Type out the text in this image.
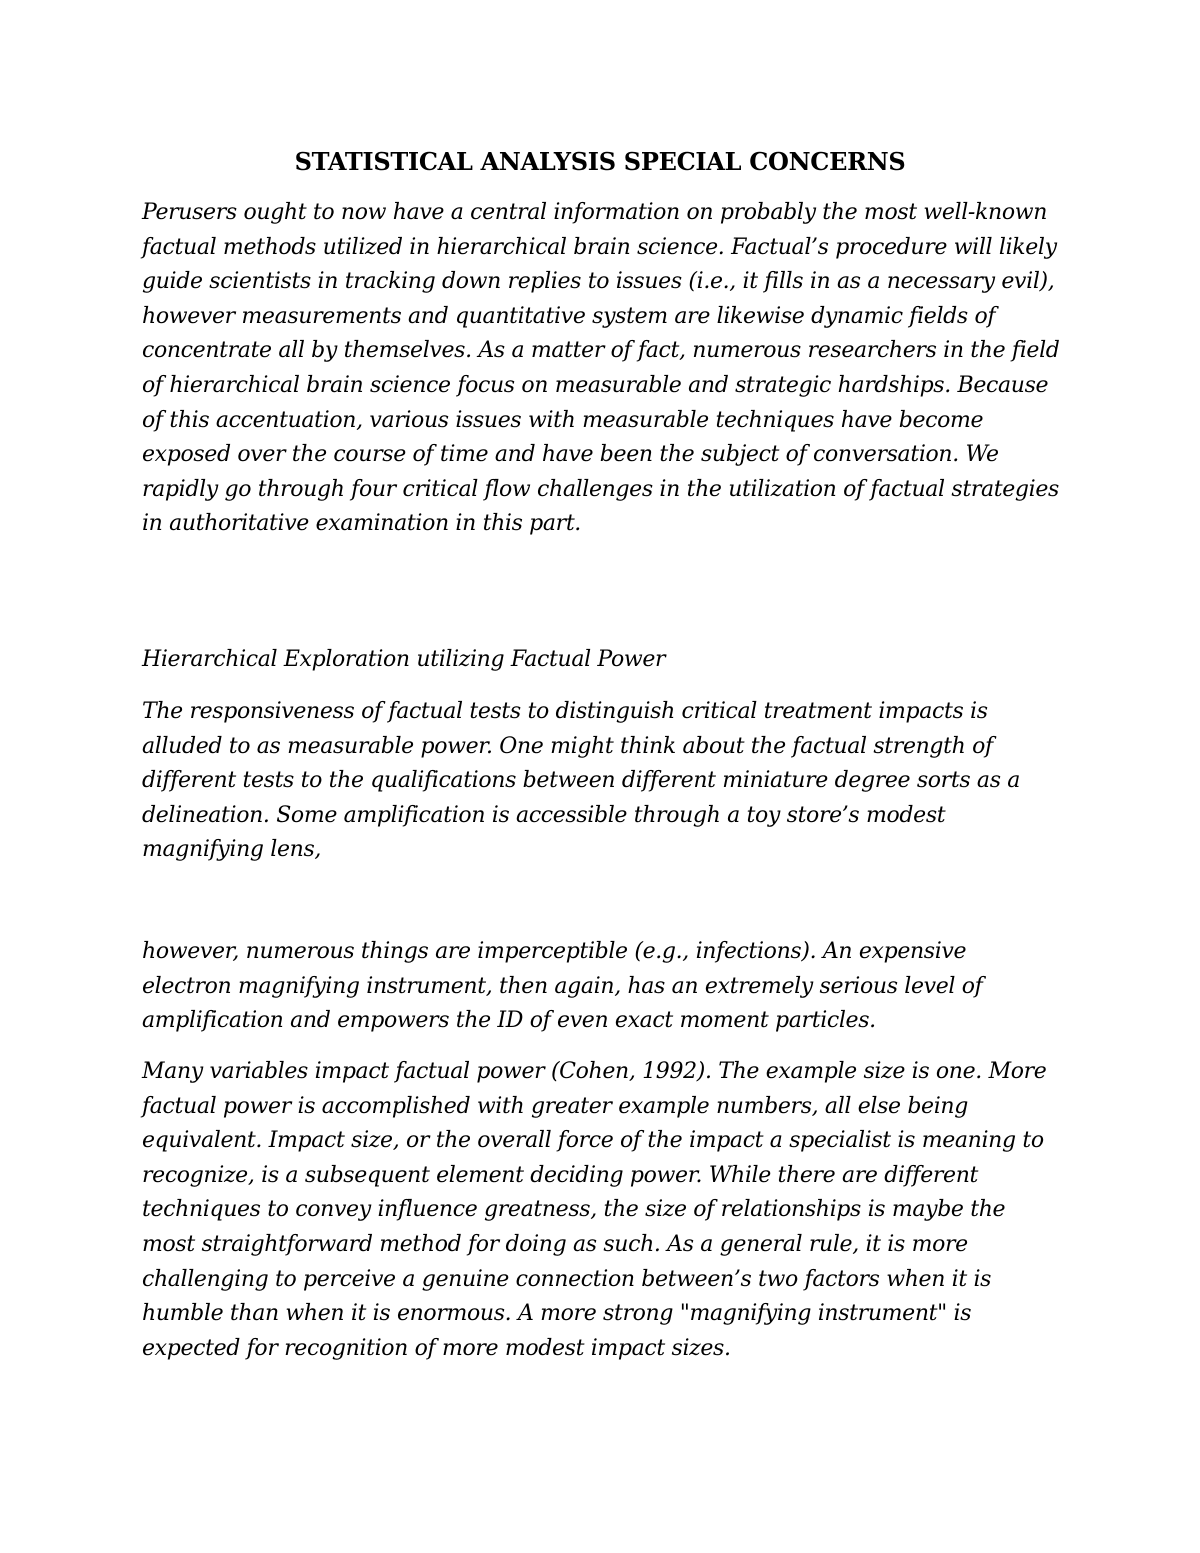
STATISTICAL ANALYSIS SPECIAL CONCERNS

Perusers ought to now have a central information on probably the most well-known factual methods utilized in hierarchical brain science. Factual’s procedure will likely guide scientists in tracking down replies to issues (i.e., it fills in as a necessary evil), however measurements and quantitative system are likewise dynamic fields of concentrate all by themselves. As a matter of fact, numerous researchers in the field of hierarchical brain science focus on measurable and strategic hardships. Because of this accentuation, various issues with measurable techniques have become exposed over the course of time and have been the subject of conversation. We rapidly go through four critical flow challenges in the utilization of factual strategies in authoritative examination in this part.

Hierarchical Exploration utilizing Factual Power

The responsiveness of factual tests to distinguish critical treatment impacts is alluded to as measurable power. One might think about the factual strength of different tests to the qualifications between different miniature degree sorts as a delineation. Some amplification is accessible through a toy store’s modest magnifying lens,

however, numerous things are imperceptible (e.g., infections). An expensive electron magnifying instrument, then again, has an extremely serious level of amplification and empowers the ID of even exact moment particles.

Many variables impact factual power (Cohen, 1992). The example size is one. More factual power is accomplished with greater example numbers, all else being equivalent. Impact size, or the overall force of the impact a specialist is meaning to recognize, is a subsequent element deciding power. While there are different techniques to convey influence greatness, the size of relationships is maybe the most straightforward method for doing as such. As a general rule, it is more challenging to perceive a genuine connection between’s two factors when it is humble than when it is enormous. A more strong "magnifying instrument" is expected for recognition of more modest impact sizes.
